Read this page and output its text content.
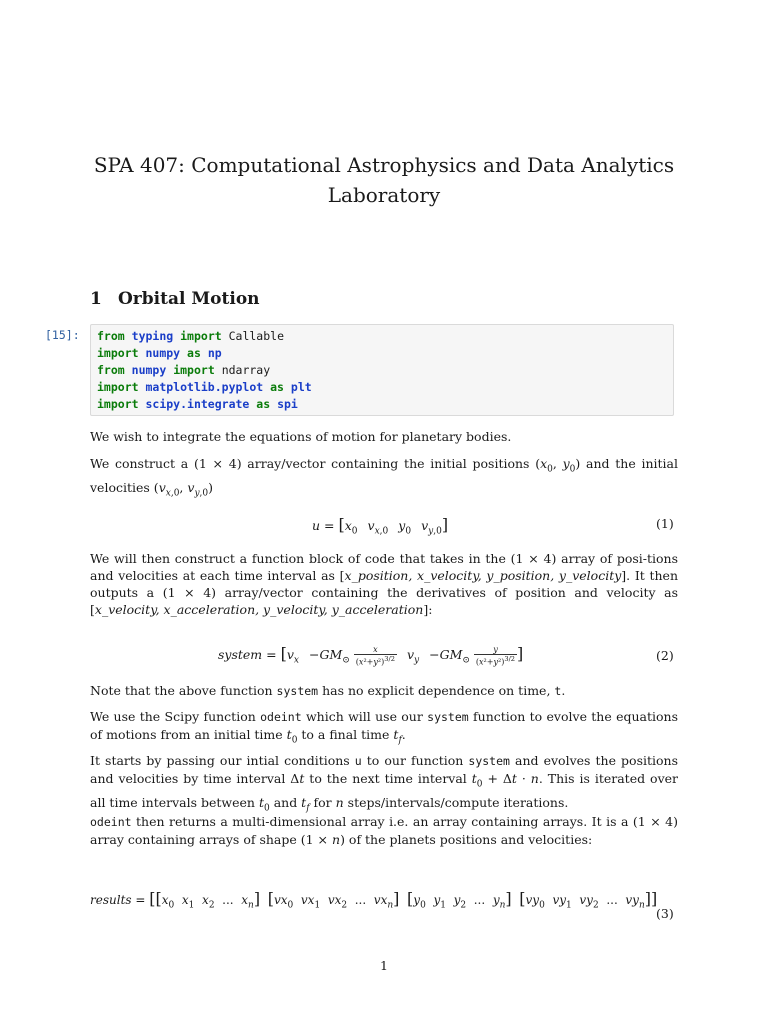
SPA 407: Computational Astrophysics and Data Analytics
Laboratory
1 Orbital Motion
[15]: from typing import Callable
import numpy as np
from numpy import ndarray
import matplotlib.pyplot as plt
import scipy.integrate as spi
We wish to integrate the equations of motion for planetary bodies.
We construct a (1 × 4) array/vector containing the initial positions ($x_0$, $y_0$) and the initial velocities ($v_{x,0}$, $v_{y,0}$)
$u = [x_0$ $v_{x,0}$ $y_0$ $v_{y,0}$]	(1)
We will then construct a function block of code that takes in the (1 × 4) array of posi-tions and velocities at each time interval as [x_position, x_velocity, y_position, y_velocity]. It then outputs a (1 × 4) array/vector containing the derivatives of position and velocity as [x_velocity, x_acceleration, y_velocity, y_acceleration]:
system = [$v_x -GM_⊙ \frac{x}{(x^2+y^2)^{3/2}} v_y -GM_⊙ \frac{y}{(x^2+y^2)^{3/2}}$ ]	(2)
Note that the above function system has no explicit dependence on time, t.
We use the Scipy function odeint which will use our system function to evolve the equations of motions from an initial time $t_0$ to a final time $t_f$.
It starts by passing our intial conditions u to our function system and evolves the positions and velocities by time interval Δt to the next time interval $t_0 + \Delta t \cdot n$. This is iterated over all time intervals between $t_0$ and $t_f$ for n steps/intervals/compute iterations.
odeint then returns a multi-dimensional array i.e. an array containing arrays. It is a (1 × 4) array containing arrays of shape (1 × n) of the planets positions and velocities:
results = [[$x_0$ $x_1$ $x_2$  ...  $x_n$] [$vx_0$ $vx_1$ $vx_2$  ...  $vx_n$] [$y_0$ $y_1$ $y_2$  ...  $y_n$] [$vy_0$ $vy_1$ $vy_2$  ...  $vy_n$]]
(3)
1
